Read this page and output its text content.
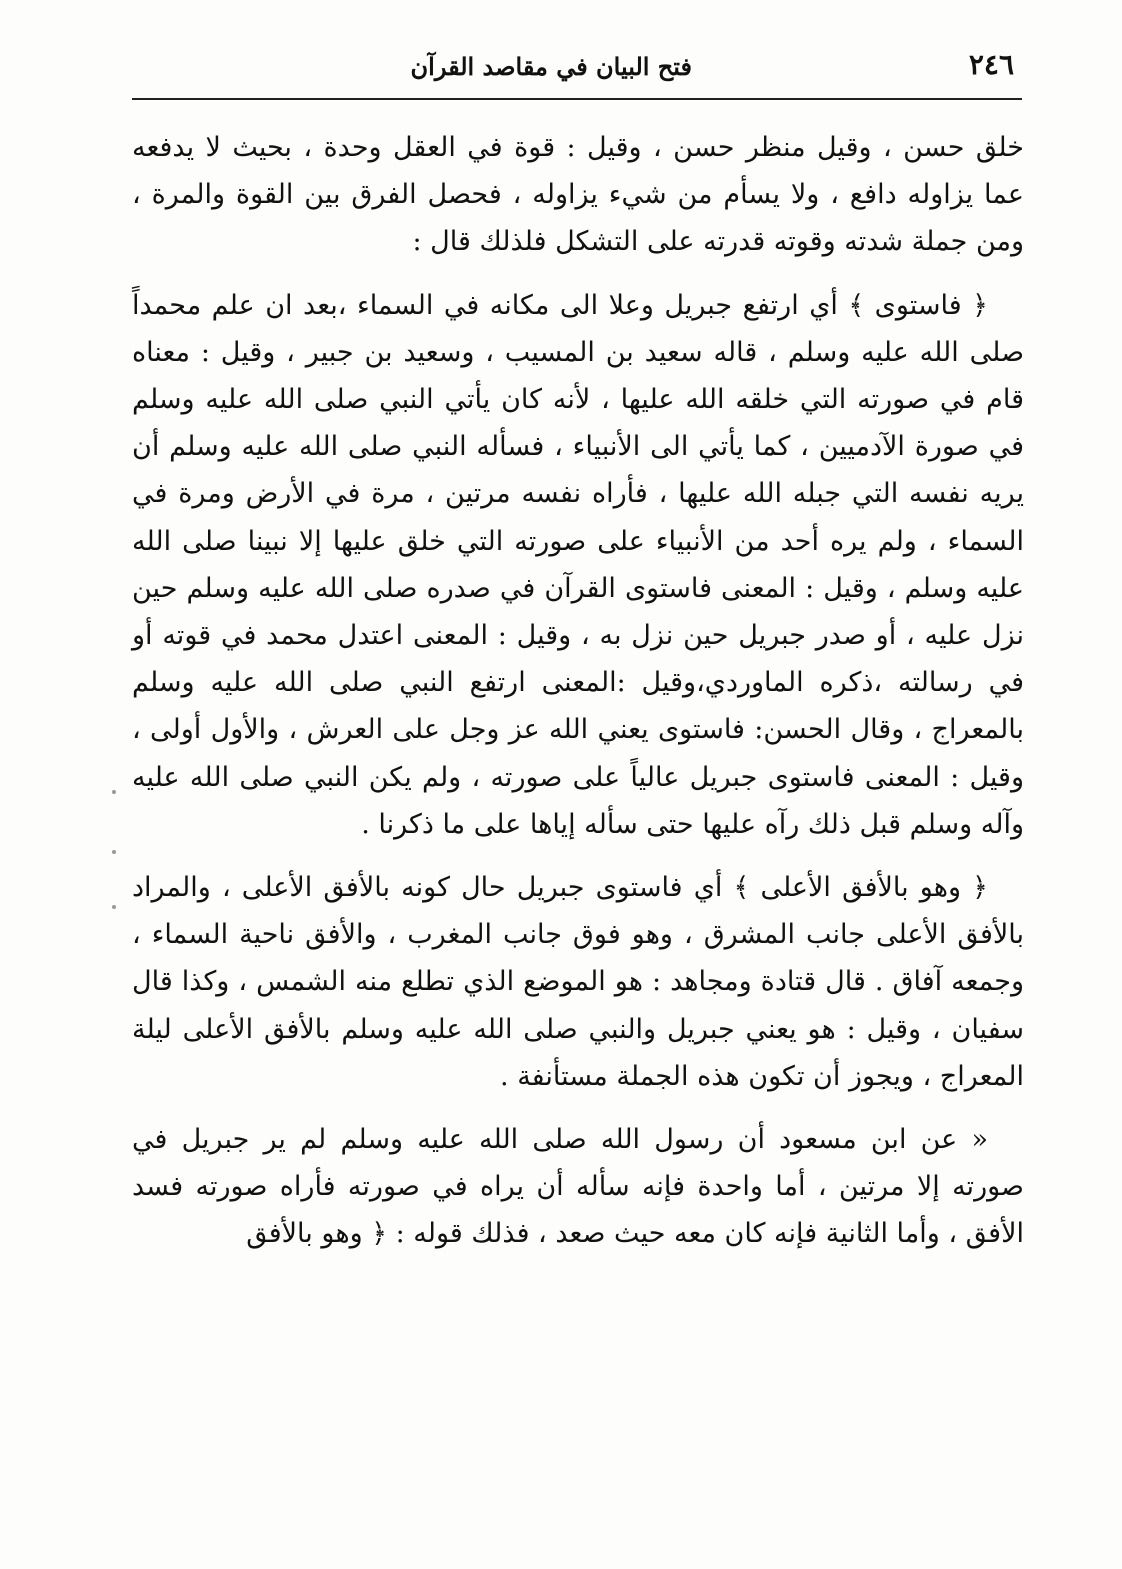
٢٤٦
فتح البيان في مقاصد القرآن

خلق حسن ، وقيل منظر حسن ، وقيل : قوة في العقل وحدة ، بحيث لا يدفعه عما يزاوله دافع ، ولا يسأم من شيء يزاوله ، فحصل الفرق بين القوة والمرة ، ومن جملة شدته وقوته قدرته على التشكل فلذلك قال :

﴿ فاستوى ﴾ أي ارتفع جبريل وعلا الى مكانه في السماء ،بعد ان علم محمداً صلى الله عليه وسلم ، قاله سعيد بن المسيب ، وسعيد بن جبير ، وقيل : معناه قام في صورته التي خلقه الله عليها ، لأنه كان يأتي النبي صلى الله عليه وسلم في صورة الآدميين ، كما يأتي الى الأنبياء ، فسأله النبي صلى الله عليه وسلم أن يريه نفسه التي جبله الله عليها ، فأراه نفسه مرتين ، مرة في الأرض ومرة في السماء ، ولم يره أحد من الأنبياء على صورته التي خلق عليها إلا نبينا صلى الله عليه وسلم ، وقيل : المعنى فاستوى القرآن في صدره صلى الله عليه وسلم حين نزل عليه ، أو صدر جبريل حين نزل به ، وقيل : المعنى اعتدل محمد في قوته أو في رسالته ،ذكره الماوردي،وقيل :المعنى ارتفع النبي صلى الله عليه وسلم بالمعراج ، وقال الحسن: فاستوى يعني الله عز وجل على العرش ، والأول أولى ، وقيل : المعنى فاستوى جبريل عالياً على صورته ، ولم يكن النبي صلى الله عليه وآله وسلم قبل ذلك رآه عليها حتى سأله إياها على ما ذكرنا .

﴿ وهو بالأفق الأعلى ﴾ أي فاستوى جبريل حال كونه بالأفق الأعلى ، والمراد بالأفق الأعلى جانب المشرق ، وهو فوق جانب المغرب ، والأفق ناحية السماء ، وجمعه آفاق . قال قتادة ومجاهد : هو الموضع الذي تطلع منه الشمس ، وكذا قال سفيان ، وقيل : هو يعني جبريل والنبي صلى الله عليه وسلم بالأفق الأعلى ليلة المعراج ، ويجوز أن تكون هذه الجملة مستأنفة .

« عن ابن مسعود أن رسول الله صلى الله عليه وسلم لم ير جبريل في صورته إلا مرتين ، أما واحدة فإنه سأله أن يراه في صورته فأراه صورته فسد الأفق ، وأما الثانية فإنه كان معه حيث صعد ، فذلك قوله : ﴿ وهو بالأفق
